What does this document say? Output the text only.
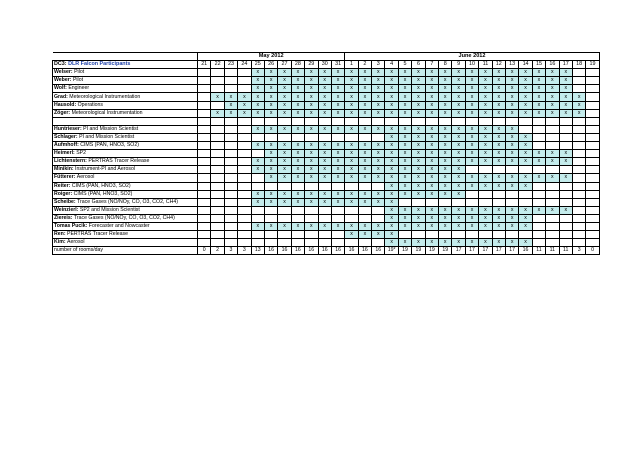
	May 2012											June 2012																		
DC3: DLR Falcon Participants	21	22	23	24	25	26	27	28	29	30	31	1	2	3	4	5	6	7	8	9	10	11	12	13	14	15	16	17	18	19
Welser: Pilot					x	x	x	x	x	x	x	x	x	x	x	x	x	x	x	x	x	x	x	x	x	x	x	x		
Weber: Pilot					x	x	x	x	x	x	x	x	x	x	x	x	x	x	x	x	x	x	x	x	x	x	x	x		
Wolf: Engineer					x	x	x	x	x	x	x	x	x	x	x	x	x	x	x	x	x	x	x	x	x	x	x	x		
Grad: Meteorological Instrumentation		x	x	x	x	x	x	x	x	x	x	x	x	x	x	x	x	x	x	x	x	x	x	x	x	x	x	x	x	
Hausold: Operations			x	x	x	x	x	x	x	x	x	x	x	x	x	x	x	x	x	x	x	x	x	x	x	x	x	x	x	
Zöger: Meteorological Instrumentation		x	x	x	x	x	x	x	x	x	x	x	x	x	x	x	x	x	x	x	x	x	x	x	x	x	x	x	x	

Huntrieser: PI and Mission Scientist					x	x	x	x	x	x	x	x	x	x	x	x	x	x	x	x	x	x	x	x						
Schlager: PI and Mission Scientist															x	x	x	x	x	x	x	x	x	x	x					
Aufmhoff: CIMS (PAN, HNO3, SO2)					x	x	x	x	x	x	x	x	x	x	x	x	x	x	x	x	x	x	x	x	x					
Heimerl: SP2						x	x	x	x	x	x	x	x	x	x	x	x	x	x	x	x	x	x	x	x	x	x	x		
Lichtenstern: PERTRAS Tracer Release					x	x	x	x	x	x	x	x	x	x	x	x	x	x	x	x	x	x	x	x	x	x	x	x		
Minikin: Instrument-PI and Aerosol					x	x	x	x	x	x	x	x	x	x	x	x	x	x	x	x										
Fütterer: Aerosol						x	x	x	x	x	x	x	x	x	x	x	x	x	x	x	x	x	x	x	x	x	x	x		
Reiter: CIMS (PAN, HNO3, SO2)															x	x	x	x	x	x	x	x	x	x	x					
Roiger: CIMS (PAN, HNO3, SO2)					x	x	x	x	x	x	x	x	x	x	x	x	x	x	x	x										
Scheibe: Trace Gases (NO/NOy, CO, O3, CO2, CH4)					x	x	x	x	x	x	x	x	x	x	x															
Weinzierl: SP2 and Mission Scientist															x	x	x	x	x	x	x	x	x	x	x	x	x	x		
Ziereis: Trace Gases (NO/NOy, CO, O3, CO2, CH4)															x	x	x	x	x	x	x	x	x	x	x					
Tomas Pucik: Forecaster and Nowcaster					x	x	x	x	x	x	x	x	x	x	x	x	x	x	x	x	x	x	x	x	x					
Ren: PERTRAS Tracer Release												x	x	x	x															
Kim: Aerosol															x	x	x	x	x	x	x	x	x	x	x					
number of rooms/day	0	2	3	3	13	16	16	16	16	16	16	16	16	16	19*	19	19	19	19	17	17	17	17	17	16	11	11	11	3	0
